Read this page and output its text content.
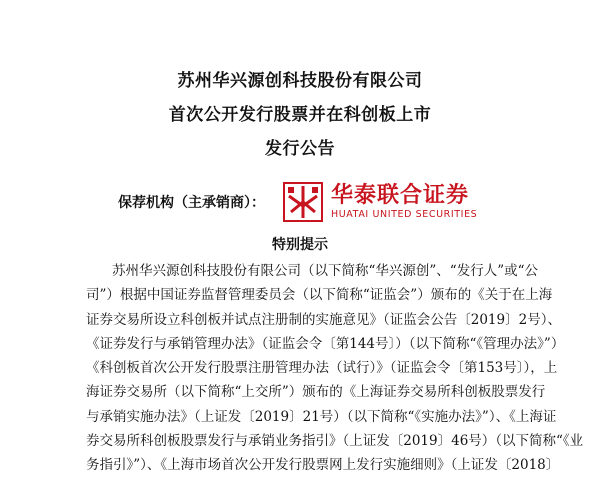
苏州华兴源创科技股份有限公司
首次公开发行股票并在科创板上市
发行公告
保荐机构（主承销商）：	华泰联合证券
HUATAI UNITED SECURITIES
特别提示
苏州华兴源创科技股份有限公司（以下简称“华兴源创”、“发行人”或“公
司”）根据中国证券监督管理委员会（以下简称“证监会”）颁布的《关于在上海
证券交易所设立科创板并试点注册制的实施意见》（证监会公告〔2019〕2号）、
《证券发行与承销管理办法》（证监会令〔第144号〕）（以下简称“《管理办法》”）
《科创板首次公开发行股票注册管理办法（试行）》（证监会令〔第153号〕），上
海证券交易所（以下简称“上交所”）颁布的《上海证券交易所科创板股票发行
与承销实施办法》（上证发〔2019〕21号）（以下简称“《实施办法》”）、《上海证
券交易所科创板股票发行与承销业务指引》（上证发〔2019〕46号）（以下简称“《业
务指引》”）、《上海市场首次公开发行股票网上发行实施细则》（上证发〔2018〕
